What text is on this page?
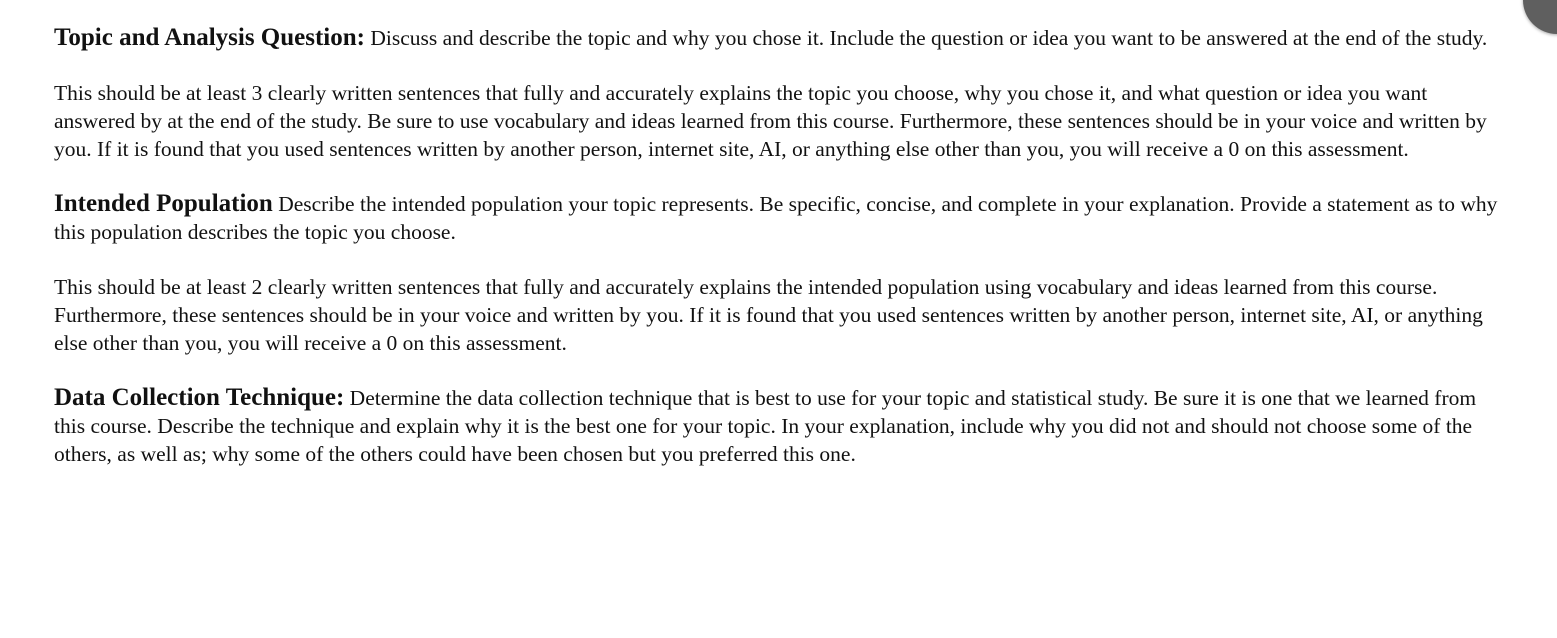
Topic and Analysis Question: Discuss and describe the topic and why you chose it. Include the question or idea you want to be answered at the end of the study.

This should be at least 3 clearly written sentences that fully and accurately explains the topic you choose, why you chose it, and what question or idea you want answered by at the end of the study. Be sure to use vocabulary and ideas learned from this course. Furthermore, these sentences should be in your voice and written by you. If it is found that you used sentences written by another person, internet site, AI, or anything else other than you, you will receive a 0 on this assessment.

Intended Population Describe the intended population your topic represents. Be specific, concise, and complete in your explanation. Provide a statement as to why this population describes the topic you choose.

This should be at least 2 clearly written sentences that fully and accurately explains the intended population using vocabulary and ideas learned from this course. Furthermore, these sentences should be in your voice and written by you. If it is found that you used sentences written by another person, internet site, AI, or anything else other than you, you will receive a 0 on this assessment.

Data Collection Technique: Determine the data collection technique that is best to use for your topic and statistical study. Be sure it is one that we learned from this course. Describe the technique and explain why it is the best one for your topic. In your explanation, include why you did not and should not choose some of the others, as well as; why some of the others could have been chosen but you preferred this one.
